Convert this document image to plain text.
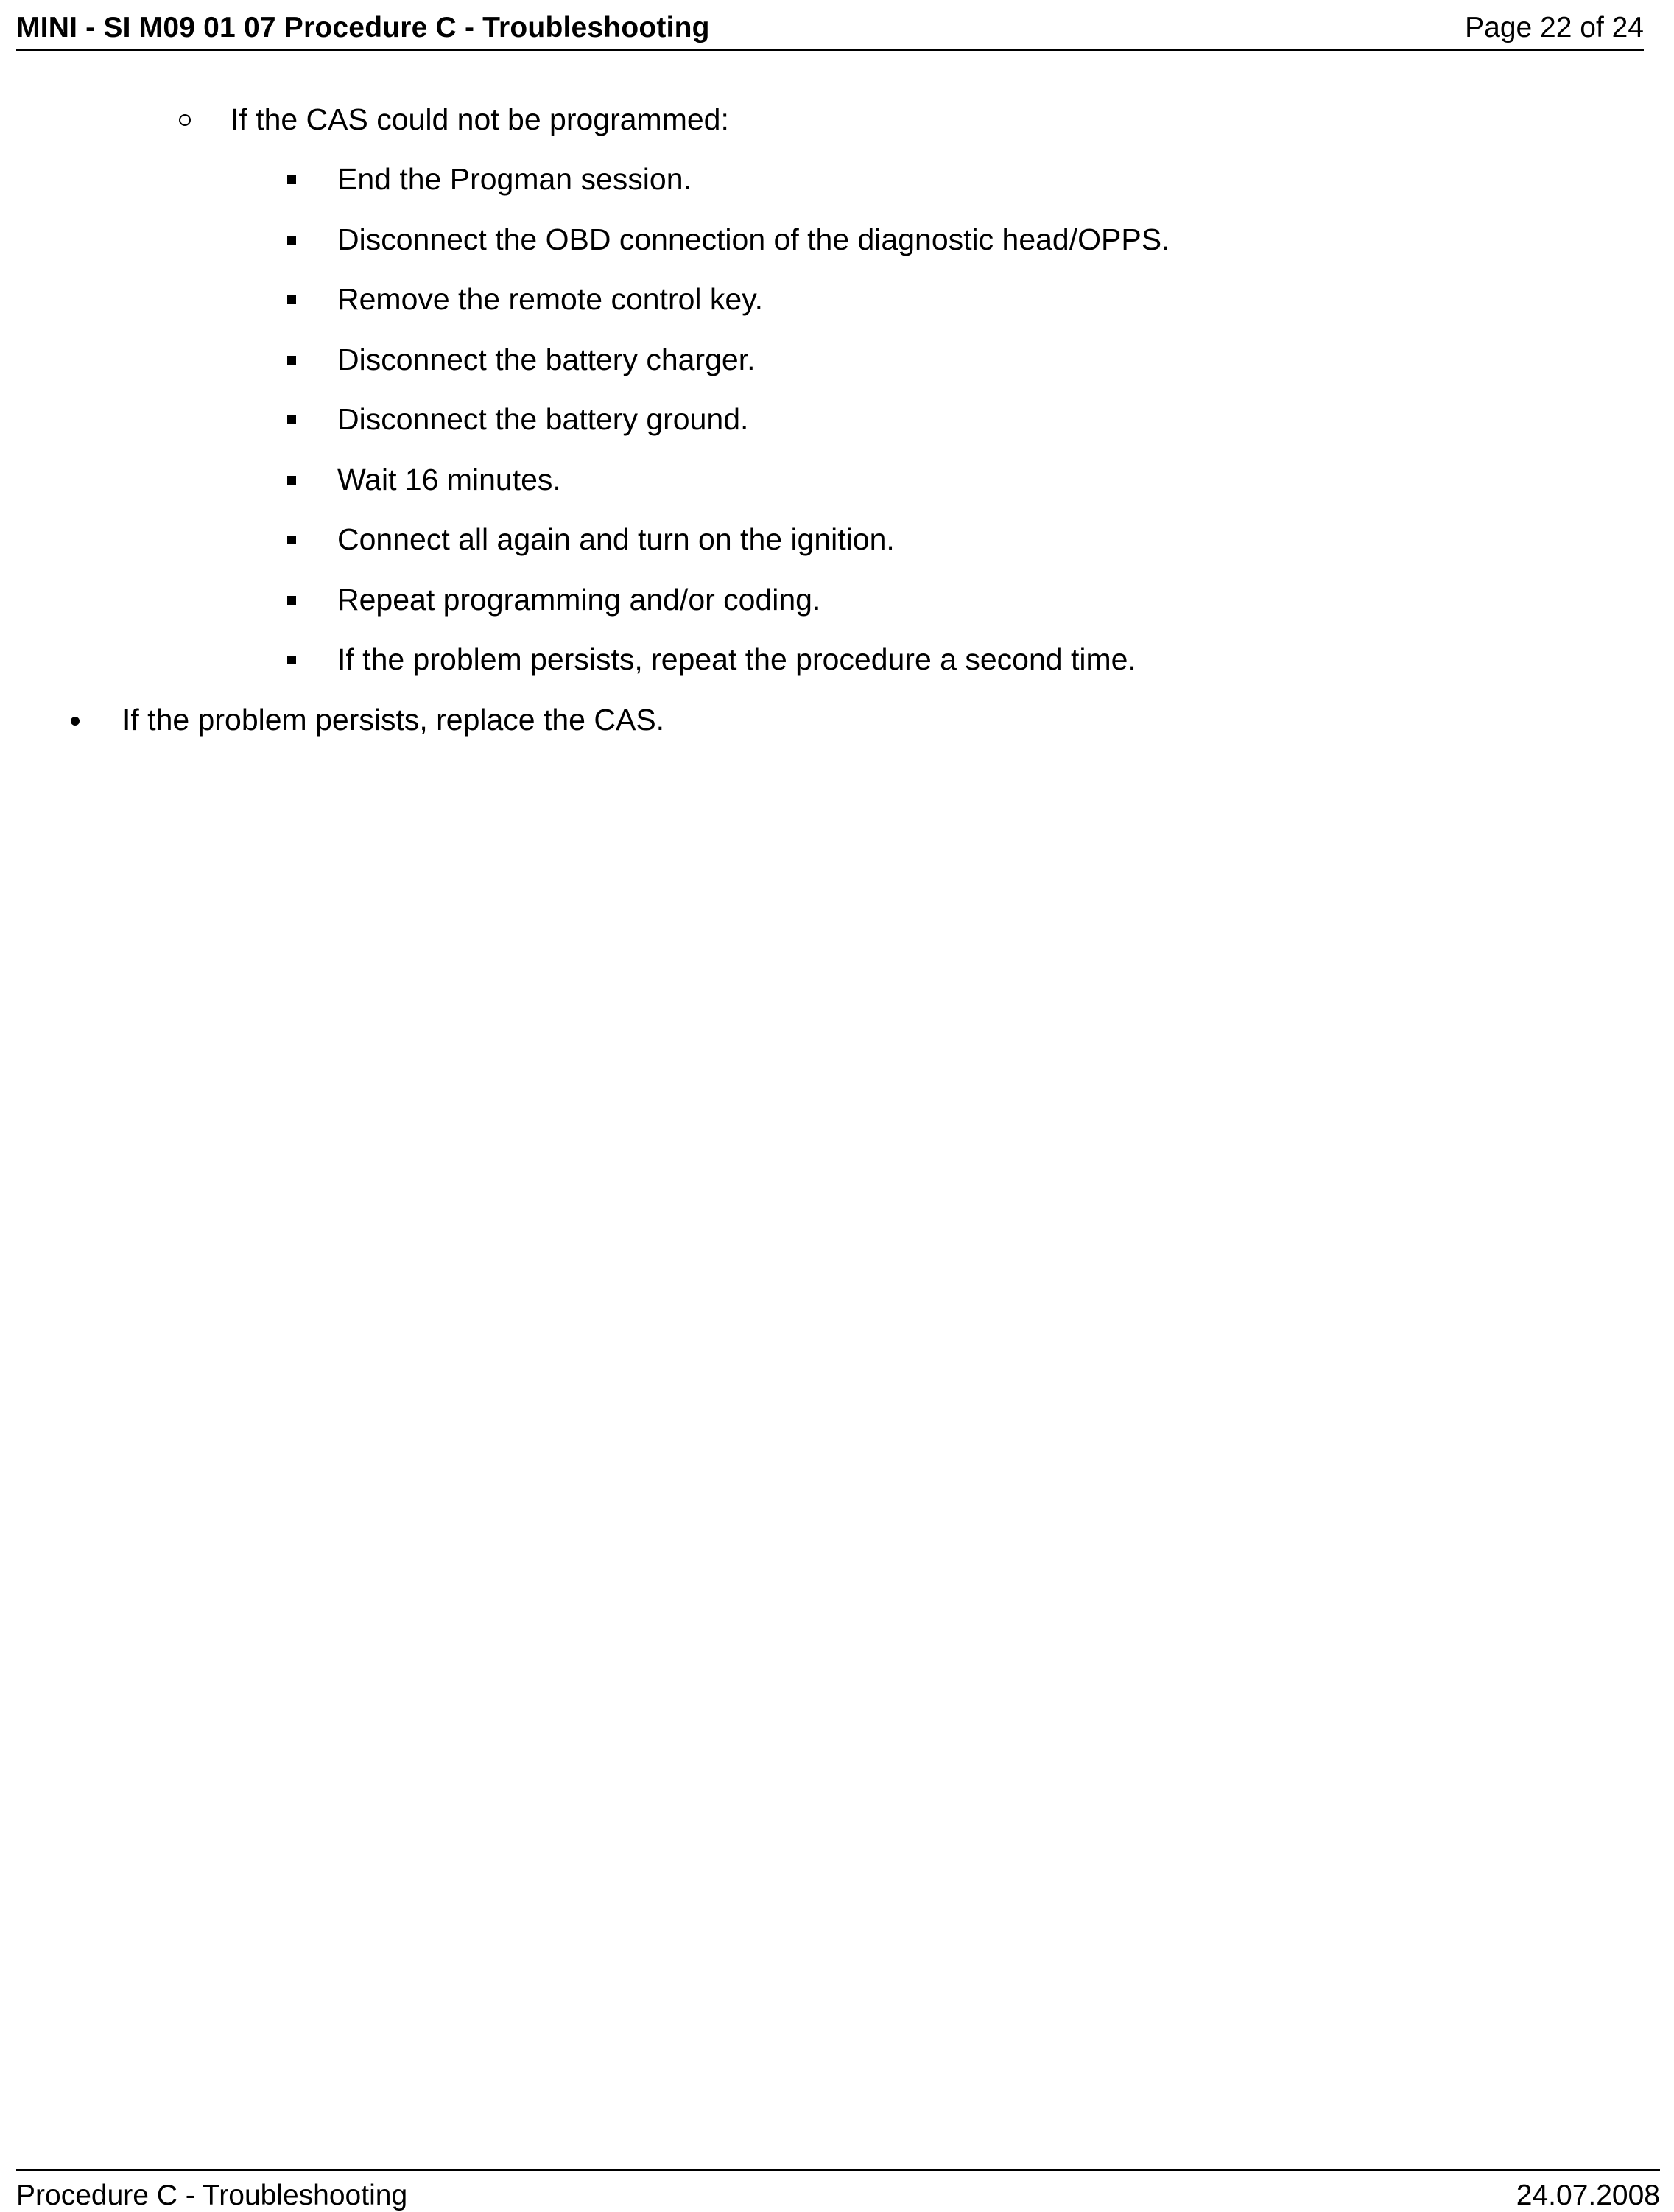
MINI - SI M09 01 07 Procedure C - Troubleshooting	Page 22 of 24
If the CAS could not be programmed:
End the Progman session.
Disconnect the OBD connection of the diagnostic head/OPPS.
Remove the remote control key.
Disconnect the battery charger.
Disconnect the battery ground.
Wait 16 minutes.
Connect all again and turn on the ignition.
Repeat programming and/or coding.
If the problem persists, repeat the procedure a second time.
If the problem persists, replace the CAS.
Procedure C - Troubleshooting	24.07.2008
